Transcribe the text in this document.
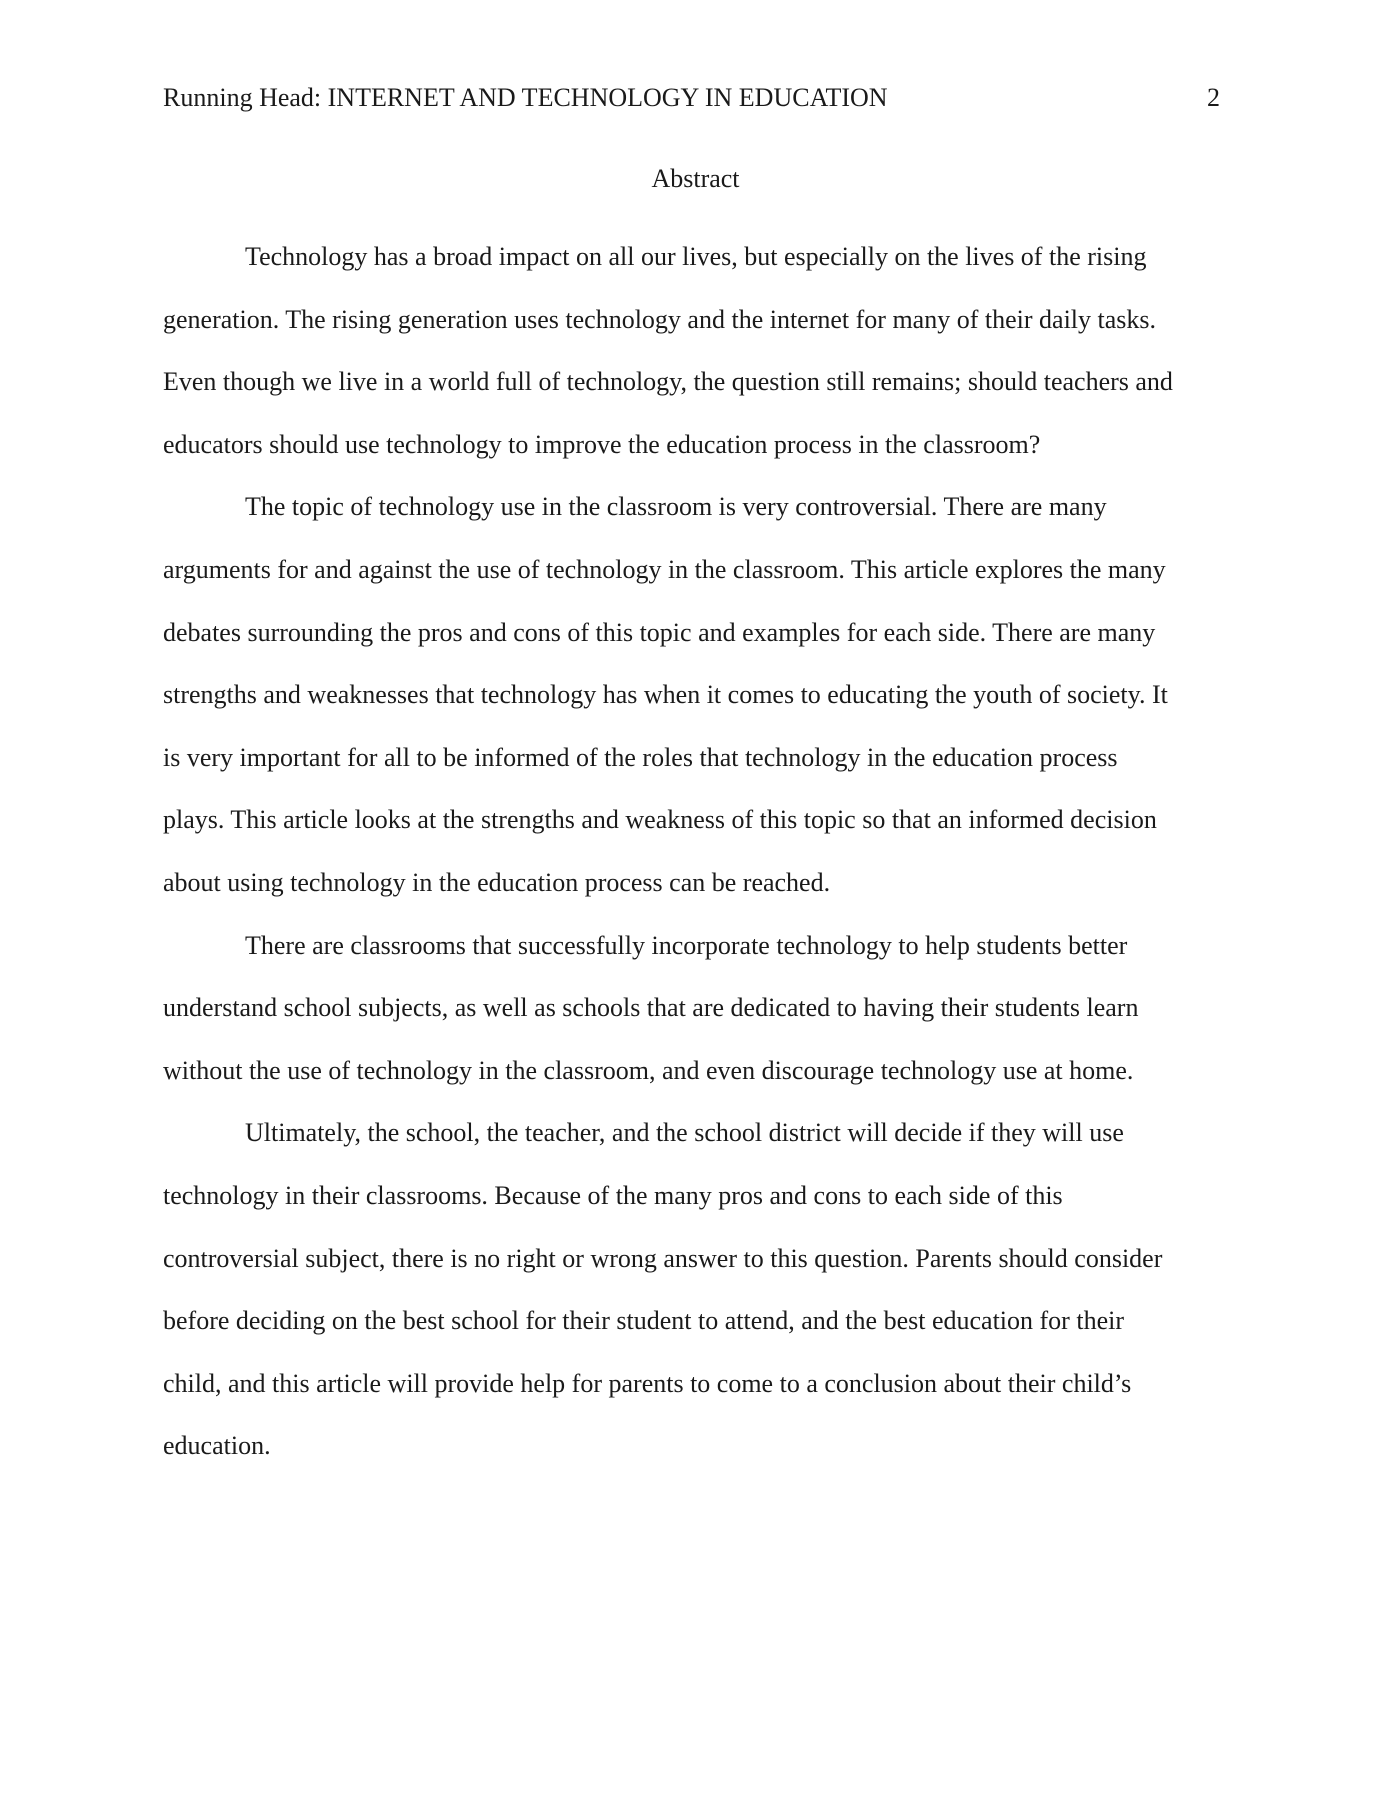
Running Head: INTERNET AND TECHNOLOGY IN EDUCATION	2
Abstract

Technology has a broad impact on all our lives, but especially on the lives of the rising
generation. The rising generation uses technology and the internet for many of their daily tasks.
Even though we live in a world full of technology, the question still remains; should teachers and
educators should use technology to improve the education process in the classroom?

The topic of technology use in the classroom is very controversial. There are many
arguments for and against the use of technology in the classroom. This article explores the many
debates surrounding the pros and cons of this topic and examples for each side. There are many
strengths and weaknesses that technology has when it comes to educating the youth of society. It
is very important for all to be informed of the roles that technology in the education process
plays. This article looks at the strengths and weakness of this topic so that an informed decision
about using technology in the education process can be reached.

There are classrooms that successfully incorporate technology to help students better
understand school subjects, as well as schools that are dedicated to having their students learn
without the use of technology in the classroom, and even discourage technology use at home.

Ultimately, the school, the teacher, and the school district will decide if they will use
technology in their classrooms. Because of the many pros and cons to each side of this
controversial subject, there is no right or wrong answer to this question. Parents should consider
before deciding on the best school for their student to attend, and the best education for their
child, and this article will provide help for parents to come to a conclusion about their child’s
education.
